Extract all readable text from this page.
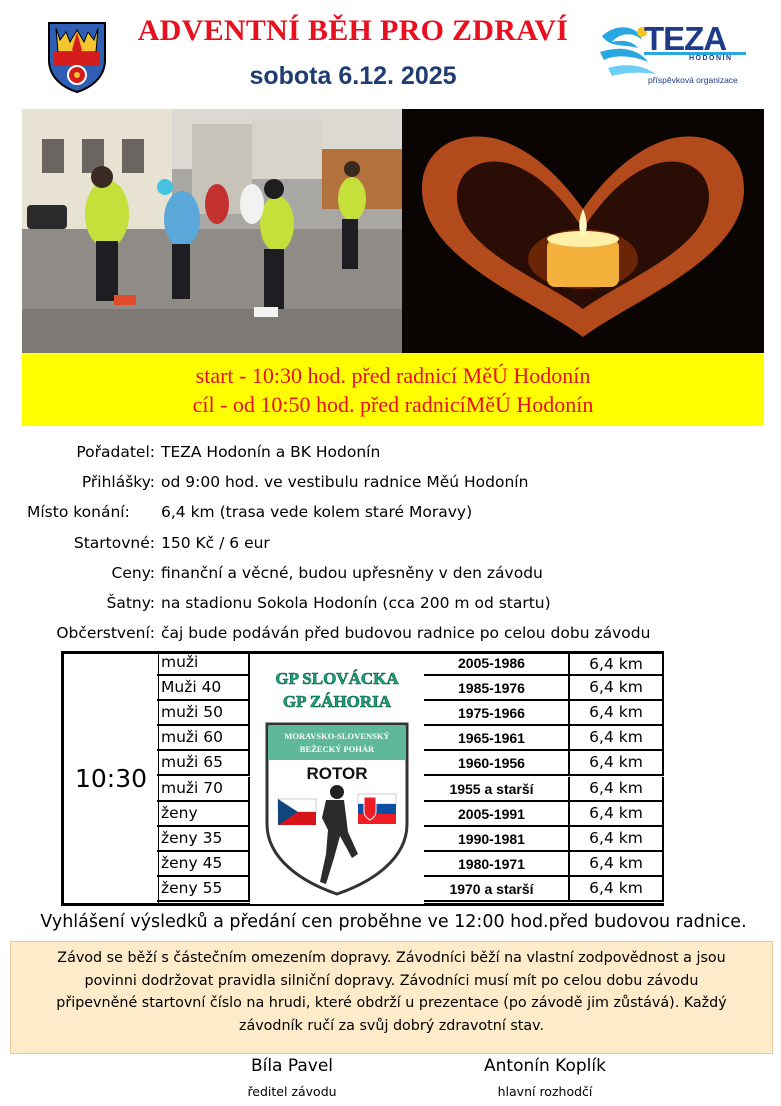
ADVENTNÍ BĚH PRO ZDRAVÍ
sobota 6.12. 2025
TEZA
HODONÍN
příspěvková organizace
start - 10:30 hod. před radnicí MěÚ Hodonín
cíl - od 10:50 hod. před radnicíMěÚ Hodonín
Pořadatel: TEZA Hodonín a BK Hodonín
Přihlášky: od 9:00 hod. ve vestibulu radnice Měú Hodonín
Místo konání: 6,4 km (trasa vede kolem staré Moravy)
Startovné: 150 Kč / 6 eur
Ceny: finanční a věcné, budou upřesněny v den závodu
Šatny: na stadionu Sokola Hodonín (cca 200 m od startu)
Občerstvení: čaj bude podáván před budovou radnice po celou dobu závodu
10:30
muži	2005-1986	6,4 km
Muži 40	1985-1976	6,4 km
muži 50	1975-1966	6,4 km
muži 60	1965-1961	6,4 km
muži 65	1960-1956	6,4 km
muži 70	1955 a starší	6,4 km
ženy	2005-1991	6,4 km
ženy 35	1990-1981	6,4 km
ženy 45	1980-1971	6,4 km
ženy 55	1970 a starší	6,4 km
GP SLOVÁCKA
GP ZÁHORIA
MORAVSKO-SLOVENSKÝ
BEŽECKÝ POHÁR
ROTOR
Vyhlášení výsledků a předání cen proběhne ve 12:00 hod.před budovou radnice.
Závod se běží s částečním omezením dopravy. Závodníci běží na vlastní zodpovědnost a jsou
povinni dodržovat pravidla silniční dopravy. Závodníci musí mít po celou dobu závodu
připevněné startovní číslo na hrudi, které obdrží u prezentace (po závodě jim zůstává). Každý
závodník ručí za svůj dobrý zdravotní stav.
Bíla Pavel
ředitel závodu
Antonín Koplík
hlavní rozhodčí
